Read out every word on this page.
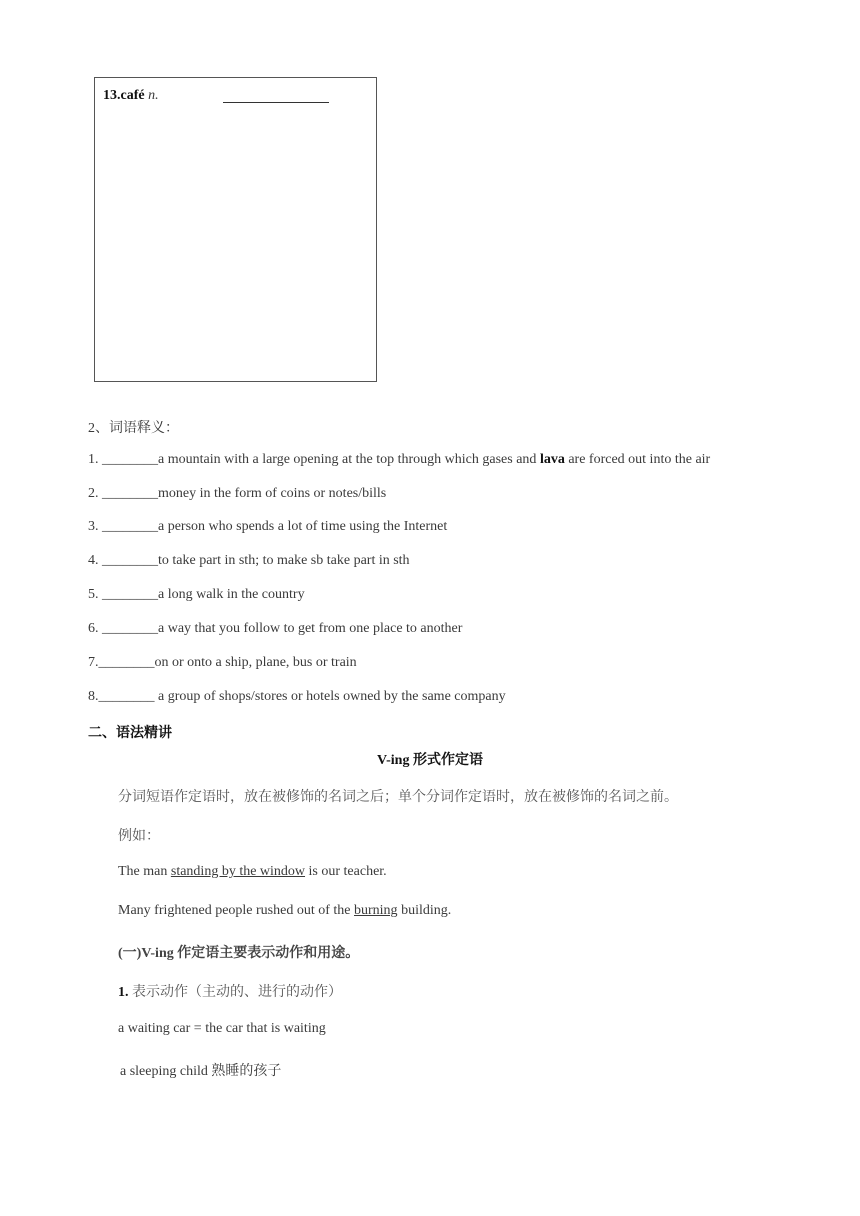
13.café n.
2、词语释义：
1. ________a mountain with a large opening at the top through which gases and lava are forced out into the air
2. ________money in the form of coins or notes/bills
3. ________a person who spends a lot of time using the Internet
4. ________to take part in sth; to make sb take part in sth
5. ________a long walk in the country
6. ________a way that you follow to get from one place to another
7.________on or onto a ship, plane, bus or train
8.________ a group of shops/stores or hotels owned by the same company
二、语法精讲
V-ing 形式作定语
分词短语作定语时，放在被修饰的名词之后；单个分词作定语时，放在被修饰的名词之前。
例如：
The man standing by the window is our teacher.
Many frightened people rushed out of the burning building.
(一)V-ing 作定语主要表示动作和用途。
1. 表示动作（主动的、进行的动作）
a waiting car = the car that is waiting
a sleeping child 熟睡的孩子
